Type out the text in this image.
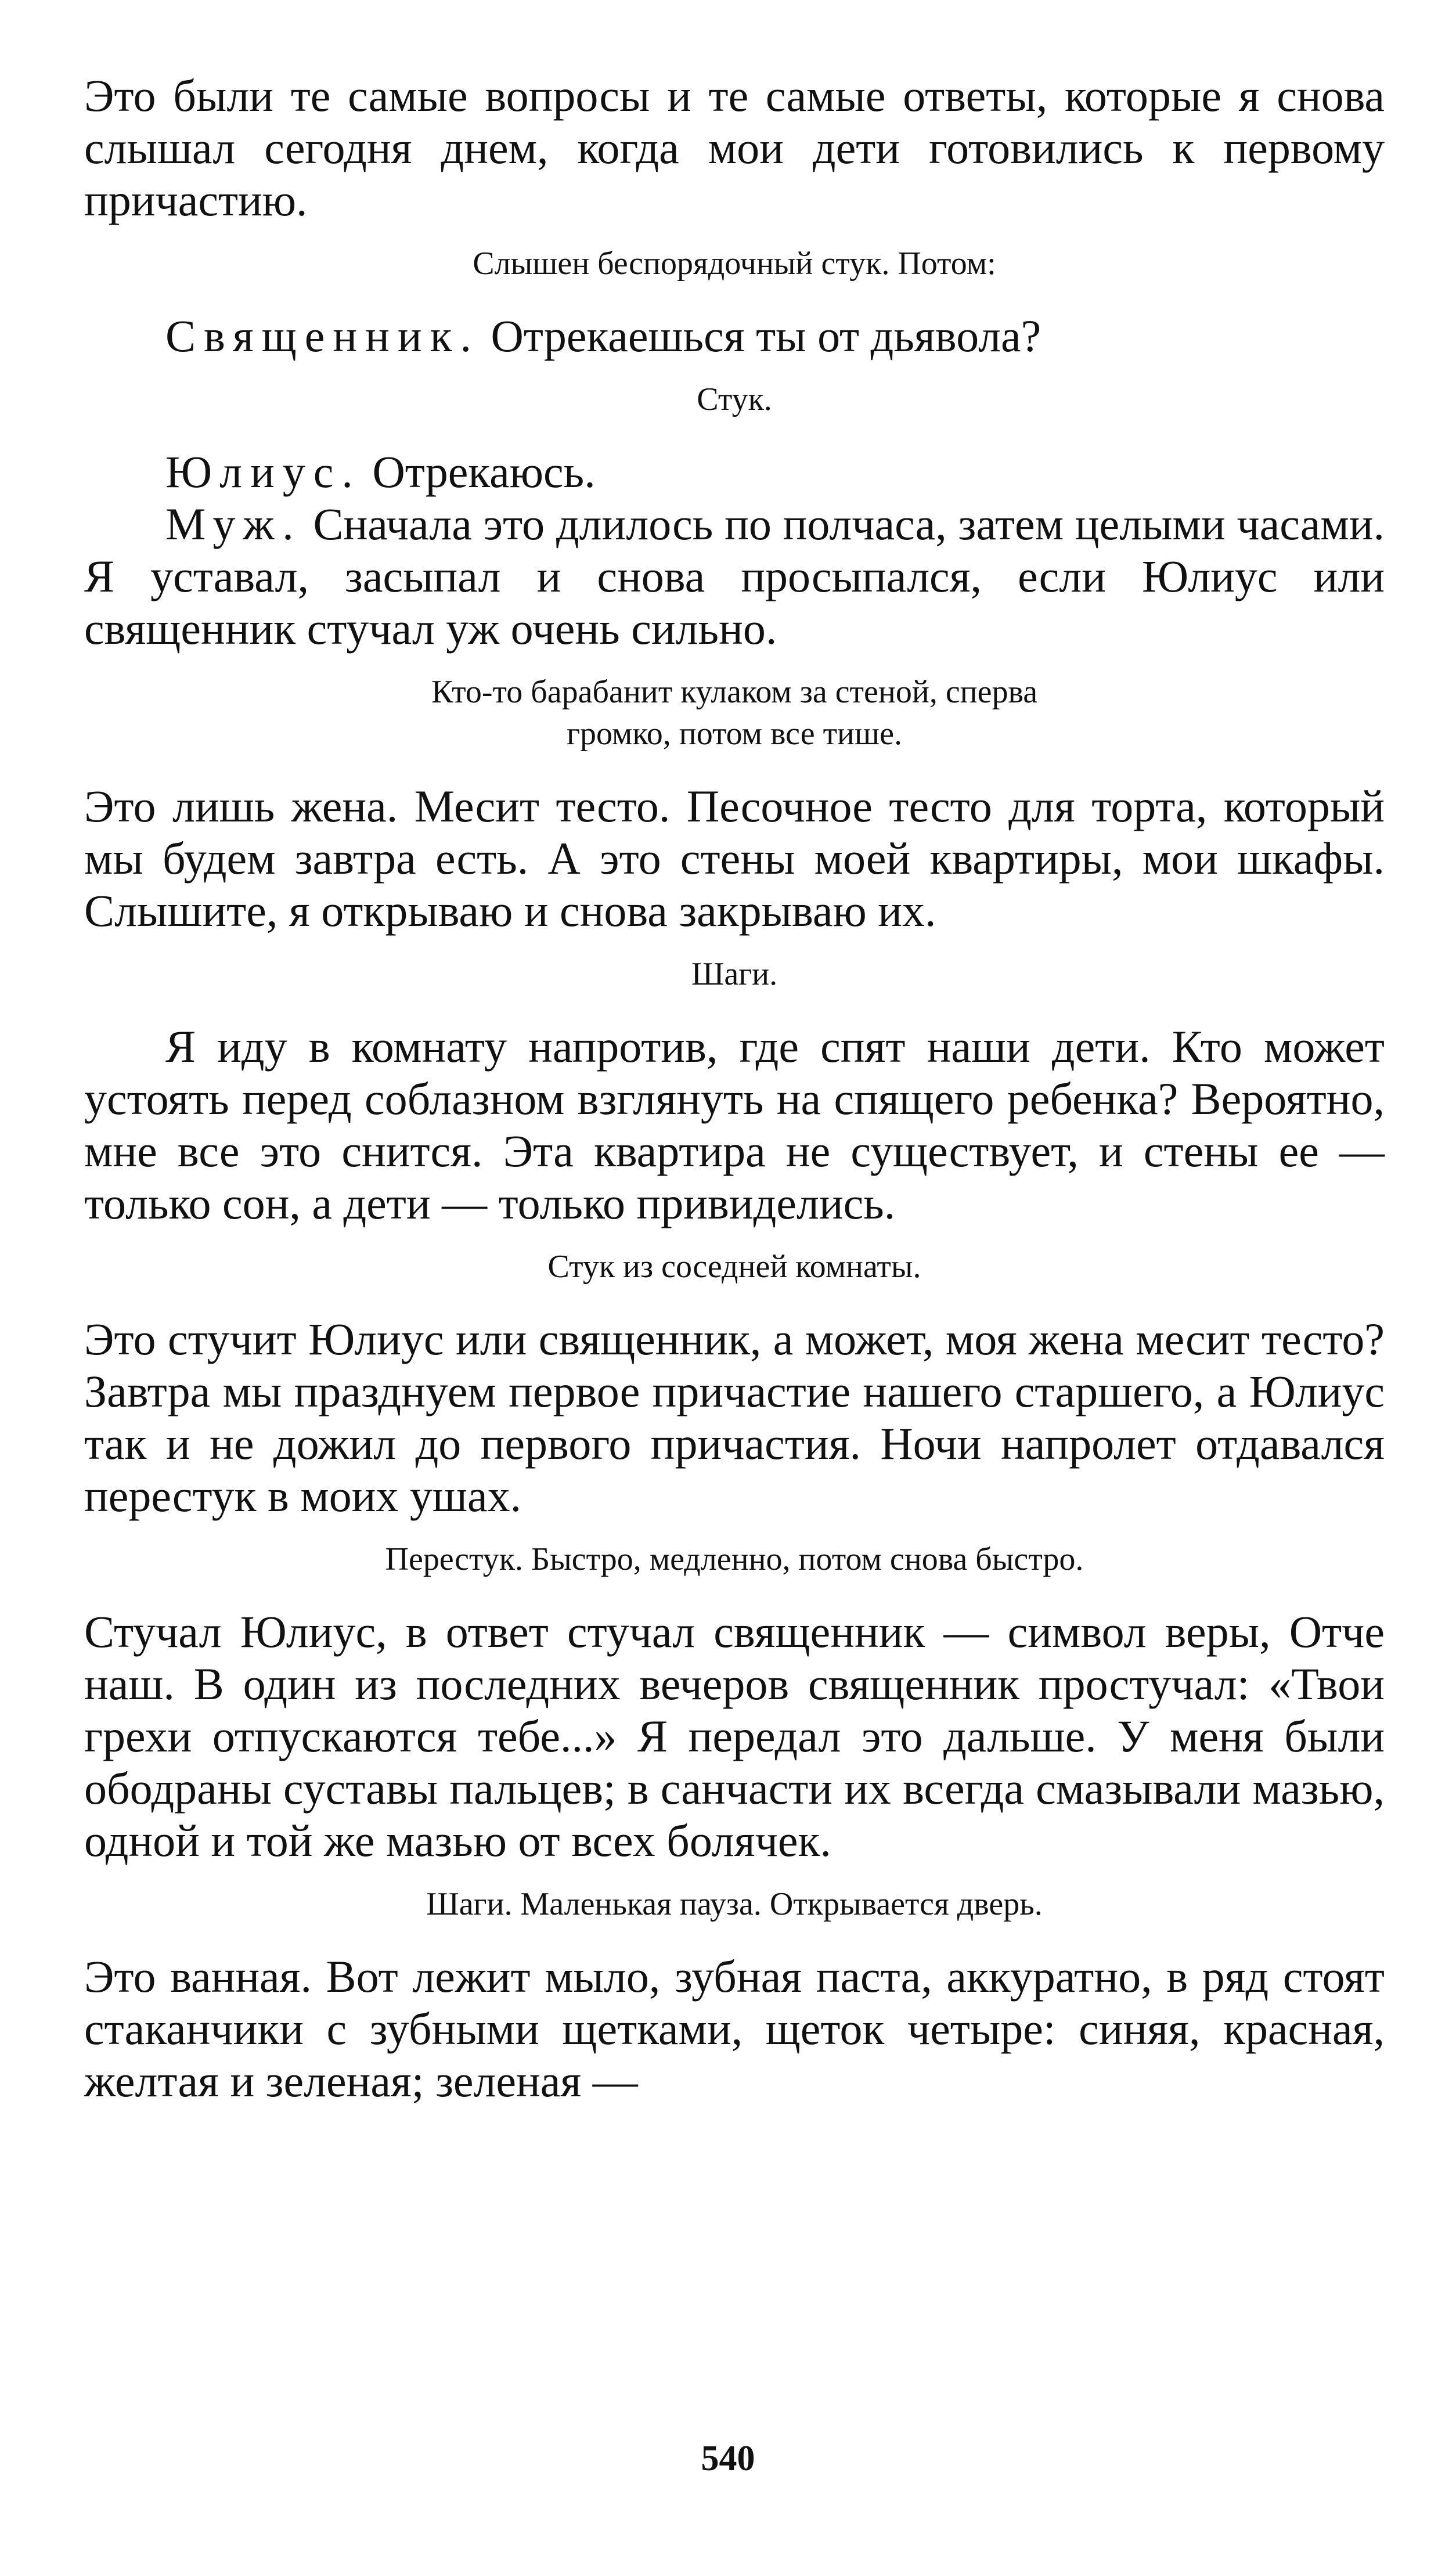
Это были те самые вопросы и те самые ответы, которые я снова слышал сегодня днем, когда мои дети готовились к первому причастию.

Слышен беспорядочный стук. Потом:

Священник. Отрекаешься ты от дьявола?

Стук.

Юлиус. Отрекаюсь.

Муж. Сначала это длилось по полчаса, затем целыми часами. Я уставал, засыпал и снова просыпался, если Юлиус или священник стучал уж очень сильно.

Кто-то барабанит кулаком за стеной, сперва громко, потом все тише.

Это лишь жена. Месит тесто. Песочное тесто для торта, который мы будем завтра есть. А это стены моей квартиры, мои шкафы. Слышите, я открываю и снова закрываю их.

Шаги.

Я иду в комнату напротив, где спят наши дети. Кто может устоять перед соблазном взглянуть на спящего ребенка? Вероятно, мне все это снится. Эта квартира не существует, и стены ее — только сон, а дети — только привиделись.

Стук из соседней комнаты.

Это стучит Юлиус или священник, а может, моя жена месит тесто? Завтра мы празднуем первое причастие нашего старшего, а Юлиус так и не дожил до первого причастия. Ночи напролет отдавался перестук в моих ушах.

Перестук. Быстро, медленно, потом снова быстро.

Стучал Юлиус, в ответ стучал священник — символ веры, Отче наш. В один из последних вечеров священник простучал: «Твои грехи отпускаются тебе...» Я передал это дальше. У меня были ободраны суставы пальцев; в санчасти их всегда смазывали мазью, одной и той же мазью от всех болячек.

Шаги. Маленькая пауза. Открывается дверь.

Это ванная. Вот лежит мыло, зубная паста, аккуратно, в ряд стоят стаканчики с зубными щетками, щеток четыре: синяя, красная, желтая и зеленая; зеленая —

540
